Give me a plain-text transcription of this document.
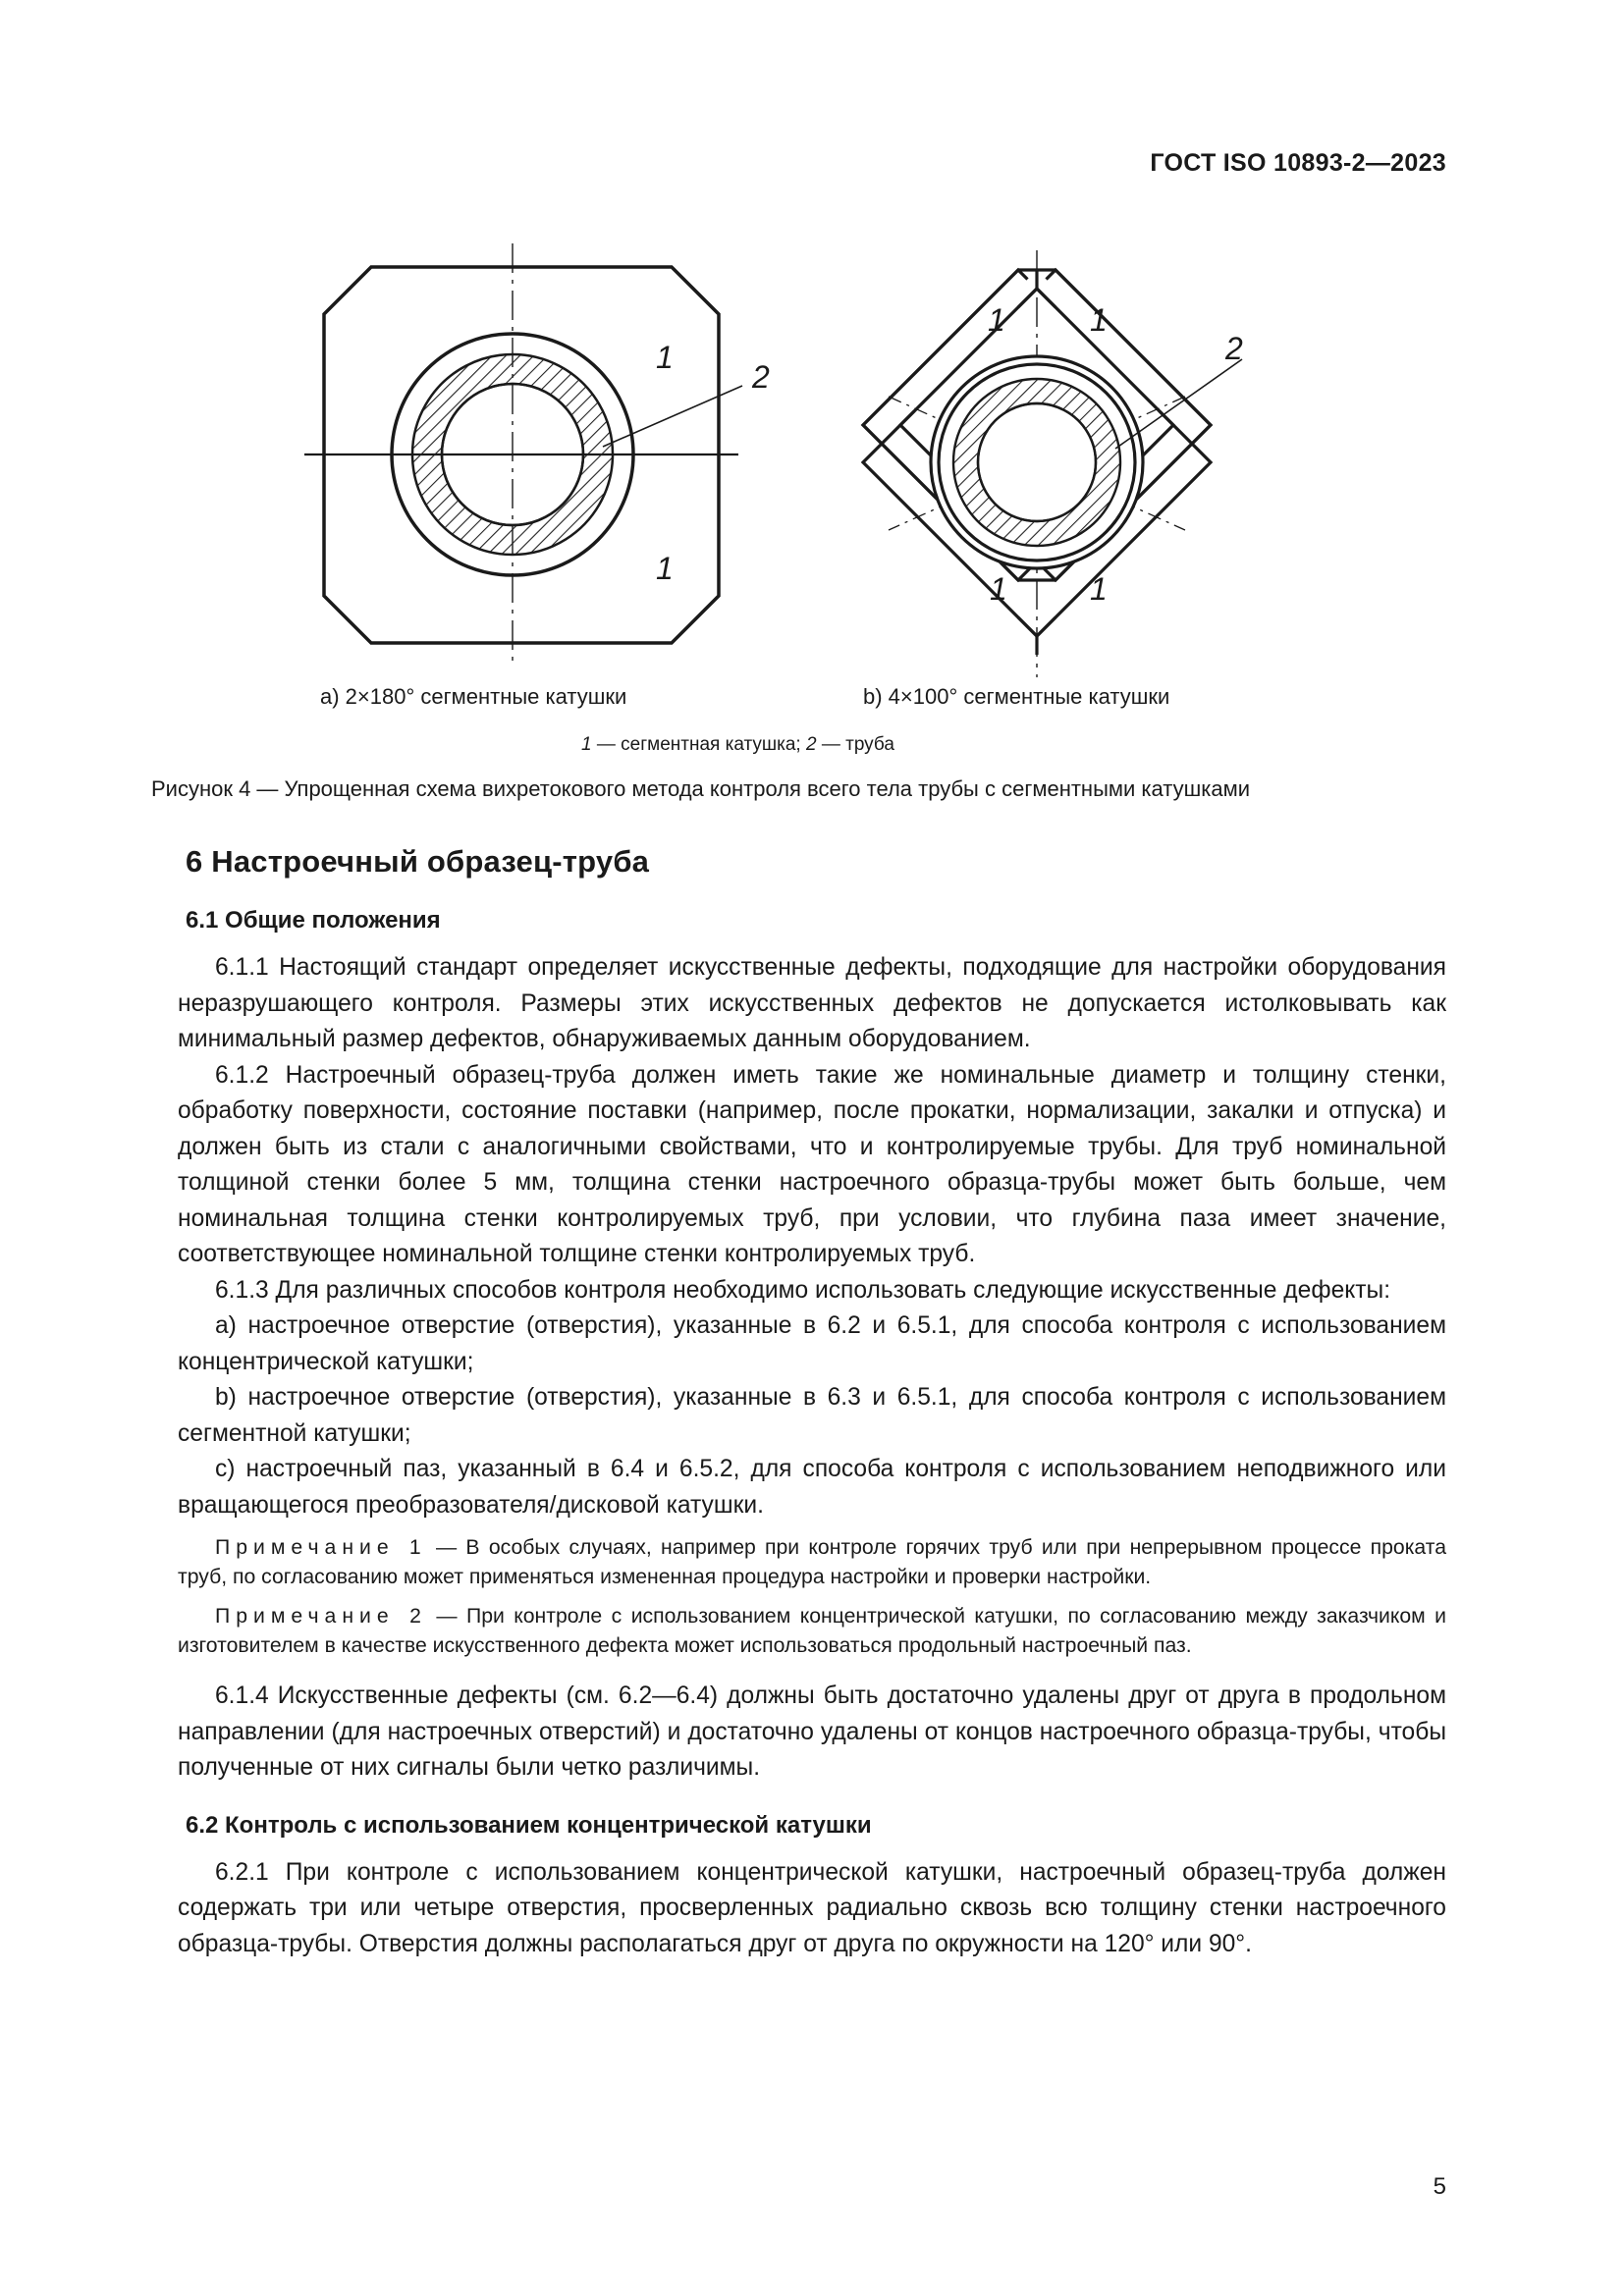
ГОСТ ISO 10893-2—2023
1
2
1
1	1
2
1	1
a) 2×180° сегментные катушки	b) 4×100° сегментные катушки
1 — сегментная катушка; 2 — труба
Рисунок 4 — Упрощенная схема вихретокового метода контроля всего тела трубы с сегментными катушками
6 Настроечный образец-труба
6.1 Общие положения

6.1.1 Настоящий стандарт определяет искусственные дефекты, подходящие для настройки оборудования неразрушающего контроля. Размеры этих искусственных дефектов не допускается истолковывать как минимальный размер дефектов, обнаруживаемых данным оборудованием.

6.1.2 Настроечный образец-труба должен иметь такие же номинальные диаметр и толщину стенки, обработку поверхности, состояние поставки (например, после прокатки, нормализации, закалки и отпуска) и должен быть из стали с аналогичными свойствами, что и контролируемые трубы. Для труб номинальной толщиной стенки более 5 мм, толщина стенки настроечного образца-трубы может быть больше, чем номинальная толщина стенки контролируемых труб, при условии, что глубина паза имеет значение, соответствующее номинальной толщине стенки контролируемых труб.

6.1.3 Для различных способов контроля необходимо использовать следующие искусственные дефекты:

a) настроечное отверстие (отверстия), указанные в 6.2 и 6.5.1, для способа контроля с использованием концентрической катушки;

b) настроечное отверстие (отверстия), указанные в 6.3 и 6.5.1, для способа контроля с использованием сегментной катушки;

c) настроечный паз, указанный в 6.4 и 6.5.2, для способа контроля с использованием неподвижного или вращающегося преобразователя/дисковой катушки.

Примечание 1 — В особых случаях, например при контроле горячих труб или при непрерывном процессе проката труб, по согласованию может применяться измененная процедура настройки и проверки настройки.

Примечание 2 — При контроле с использованием концентрической катушки, по согласованию между заказчиком и изготовителем в качестве искусственного дефекта может использоваться продольный настроечный паз.

6.1.4 Искусственные дефекты (см. 6.2—6.4) должны быть достаточно удалены друг от друга в продольном направлении (для настроечных отверстий) и достаточно удалены от концов настроечного образца-трубы, чтобы полученные от них сигналы были четко различимы.

6.2 Контроль с использованием концентрической катушки

6.2.1 При контроле с использованием концентрической катушки, настроечный образец-труба должен содержать три или четыре отверстия, просверленных радиально сквозь всю толщину стенки настроечного образца-трубы. Отверстия должны располагаться друг от друга по окружности на 120° или 90°.

5
